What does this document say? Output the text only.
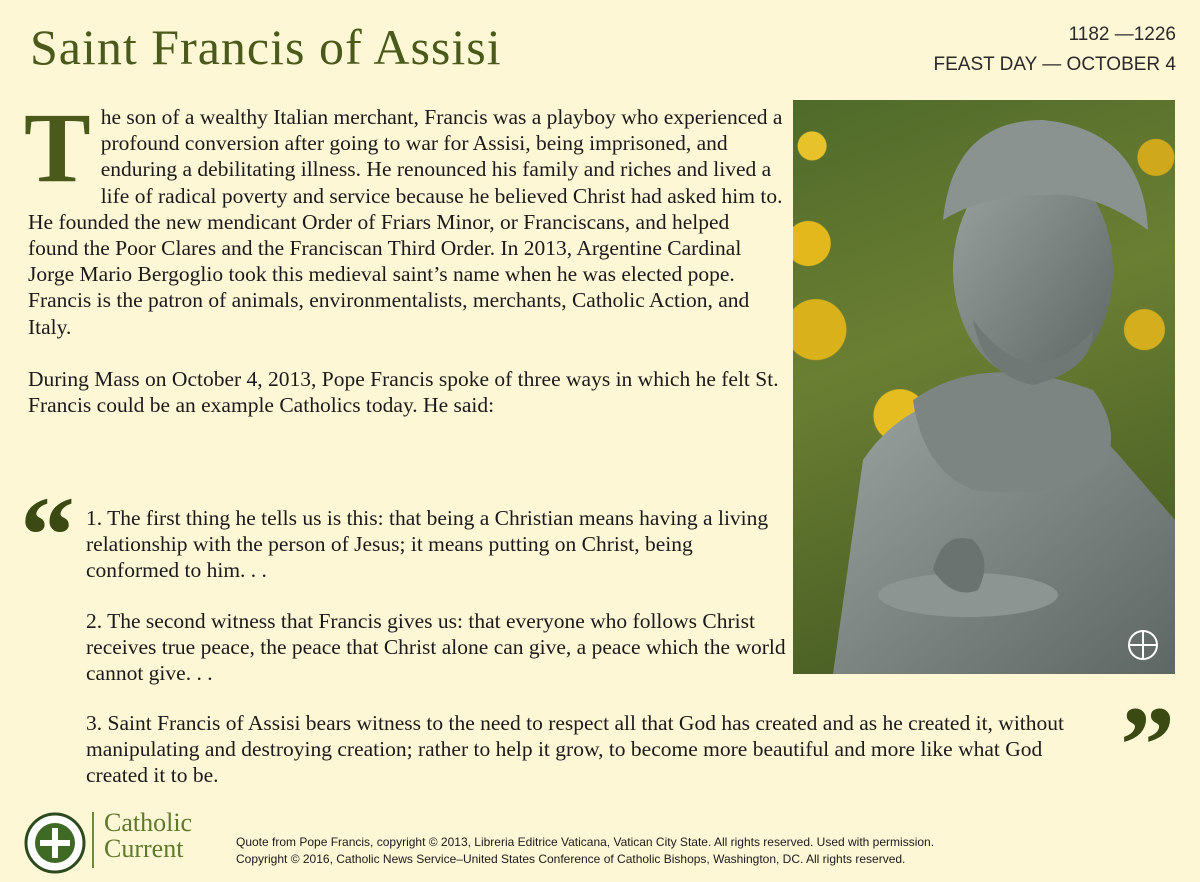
Saint Francis of Assisi	1182 —1226
FEAST DAY — OCTOBER 4

The son of a wealthy Italian merchant, Francis was a playboy who experienced a profound conversion after going to war for Assisi, being imprisoned, and enduring a debilitating illness. He renounced his family and riches and lived a life of radical poverty and service because he believed Christ had asked him to. He founded the new mendicant Order of Friars Minor, or Franciscans, and helped found the Poor Clares and the Franciscan Third Order. In 2013, Argentine Cardinal Jorge Mario Bergoglio took this medieval saint’s name when he was elected pope. Francis is the patron of animals, environmentalists, merchants, Catholic Action, and Italy.

During Mass on October 4, 2013, Pope Francis spoke of three ways in which he felt St. Francis could be an example Catholics today. He said:

“ 1. The first thing he tells us is this: that being a Christian means having a living relationship with the person of Jesus; it means putting on Christ, being conformed to him. . .
2. The second witness that Francis gives us: that everyone who follows Christ receives true peace, the peace that Christ alone can give, a peace which the world cannot give. . .
3. Saint Francis of Assisi bears witness to the need to respect all that God has created and as he created it, without manipulating and destroying creation; rather to help it grow, to become more beautiful and more like what God created it to be.	”
Catholic
Current	Quote from Pope Francis, copyright © 2013, Libreria Editrice Vaticana, Vatican City State. All rights reserved. Used with permission.
Copyright © 2016, Catholic News Service–United States Conference of Catholic Bishops, Washington, DC. All rights reserved.
